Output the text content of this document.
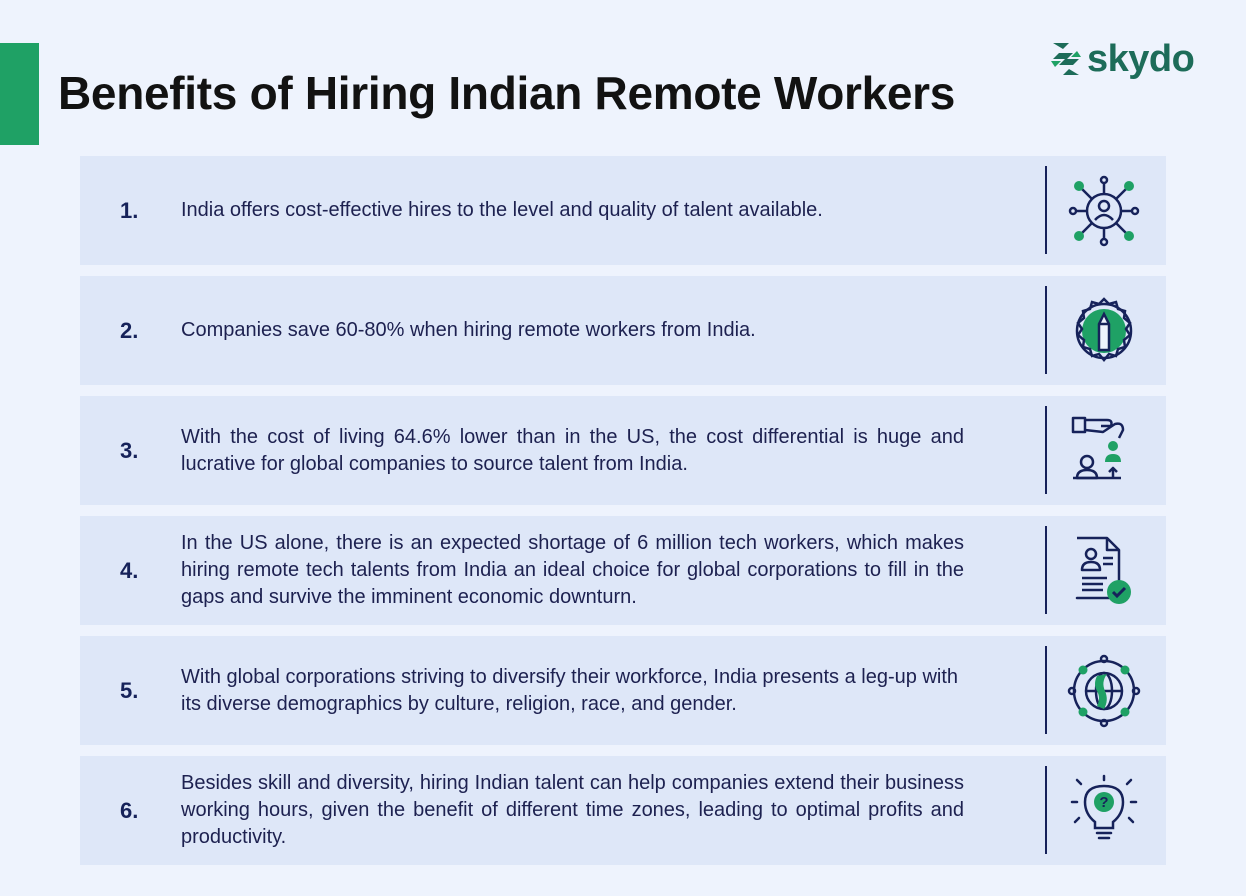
Benefits of Hiring Indian Remote Workers
skydo
1. India offers cost-effective hires to the level and quality of talent available.
2. Companies save 60-80% when hiring remote workers from India.
3.
With the cost of living 64.6% lower than in the US, the cost differential is huge and lucrative for global companies to source talent from India.
4.
In the US alone, there is an expected shortage of 6 million tech workers, which makes hiring remote tech talents from India an ideal choice for global corporations to fill in the gaps and survive the imminent economic downturn.
5.
With global corporations striving to diversify their workforce, India presents a leg-up with its diverse demographics by culture, religion, race, and gender.
6.
Besides skill and diversity, hiring Indian talent can help companies extend their business working hours, given the benefit of different time zones, leading to optimal profits and productivity.
?
